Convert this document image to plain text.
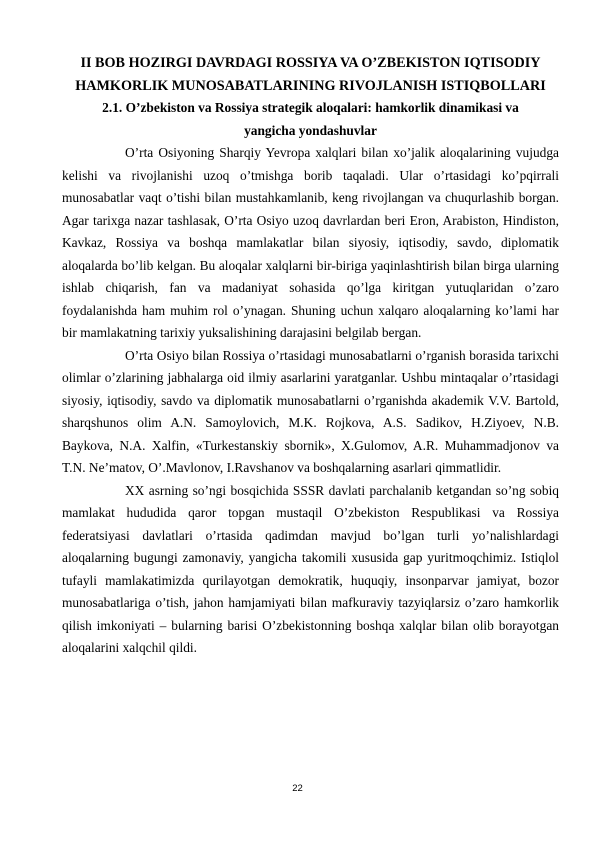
II BOB HOZIRGI DAVRDAGI ROSSIYA VA O’ZBEKISTON IQTISODIY

HAMKORLIK MUNOSABATLARINING RIVOJLANISH ISTIQBOLLARI

2.1. O’zbekiston va Rossiya strategik aloqalari: hamkorlik dinamikasi va

yangicha yondashuvlar

O’rta Osiyoning Sharqiy Yevropa xalqlari bilan xo’jalik aloqalarining vujudga kelishi va rivojlanishi uzoq o’tmishga borib taqaladi. Ular o’rtasidagi ko’pqirrali munosabatlar vaqt o’tishi bilan mustahkamlanib, keng rivojlangan va chuqurlashib borgan. Agar tarixga nazar tashlasak, O’rta Osiyo uzoq davrlardan beri Eron, Arabiston, Hindiston, Kavkaz, Rossiya va boshqa mamlakatlar bilan siyosiy, iqtisodiy, savdo, diplomatik aloqalarda bo’lib kelgan. Bu aloqalar xalqlarni bir-biriga yaqinlashtirish bilan birga ularning ishlab chiqarish, fan va madaniyat sohasida qo’lga kiritgan yutuqlaridan o’zaro foydalanishda ham muhim rol o’ynagan. Shuning uchun xalqaro aloqalarning ko’lami har bir mamlakatning tarixiy yuksalishining darajasini belgilab bergan.

O’rta Osiyo bilan Rossiya o’rtasidagi munosabatlarni o’rganish borasida tarixchi olimlar o’zlarining jabhalarga oid ilmiy asarlarini yaratganlar. Ushbu mintaqalar o’rtasidagi siyosiy, iqtisodiy, savdo va diplomatik munosabatlarni o’rganishda akademik V.V. Bartold, sharqshunos olim A.N. Samoylovich, M.K. Rojkova, A.S. Sadikov, H.Ziyoev, N.B. Baykova, N.A. Xalfin, «Turkestanskiy sbornik», X.Gulomov, A.R. Muhammadjonov va T.N. Ne’matov, O’.Mavlonov, I.Ravshanov va boshqalarning asarlari qimmatlidir.

XX asrning so’ngi bosqichida SSSR davlati parchalanib ketgandan so’ng sobiq mamlakat hududida qaror topgan mustaqil O’zbekiston Respublikasi va Rossiya federatsiyasi davlatlari o’rtasida qadimdan mavjud bo’lgan turli yo’nalishlardagi aloqalarning bugungi zamonaviy, yangicha takomili xususida gap yuritmoqchimiz. Istiqlol tufayli mamlakatimizda qurilayotgan demokratik, huquqiy, insonparvar jamiyat, bozor munosabatlariga o’tish, jahon hamjamiyati bilan mafkuraviy tazyiqlarsiz o’zaro hamkorlik qilish imkoniyati – bularning barisi O’zbekistonning boshqa xalqlar bilan olib borayotgan aloqalarini xalqchil qildi.

22
